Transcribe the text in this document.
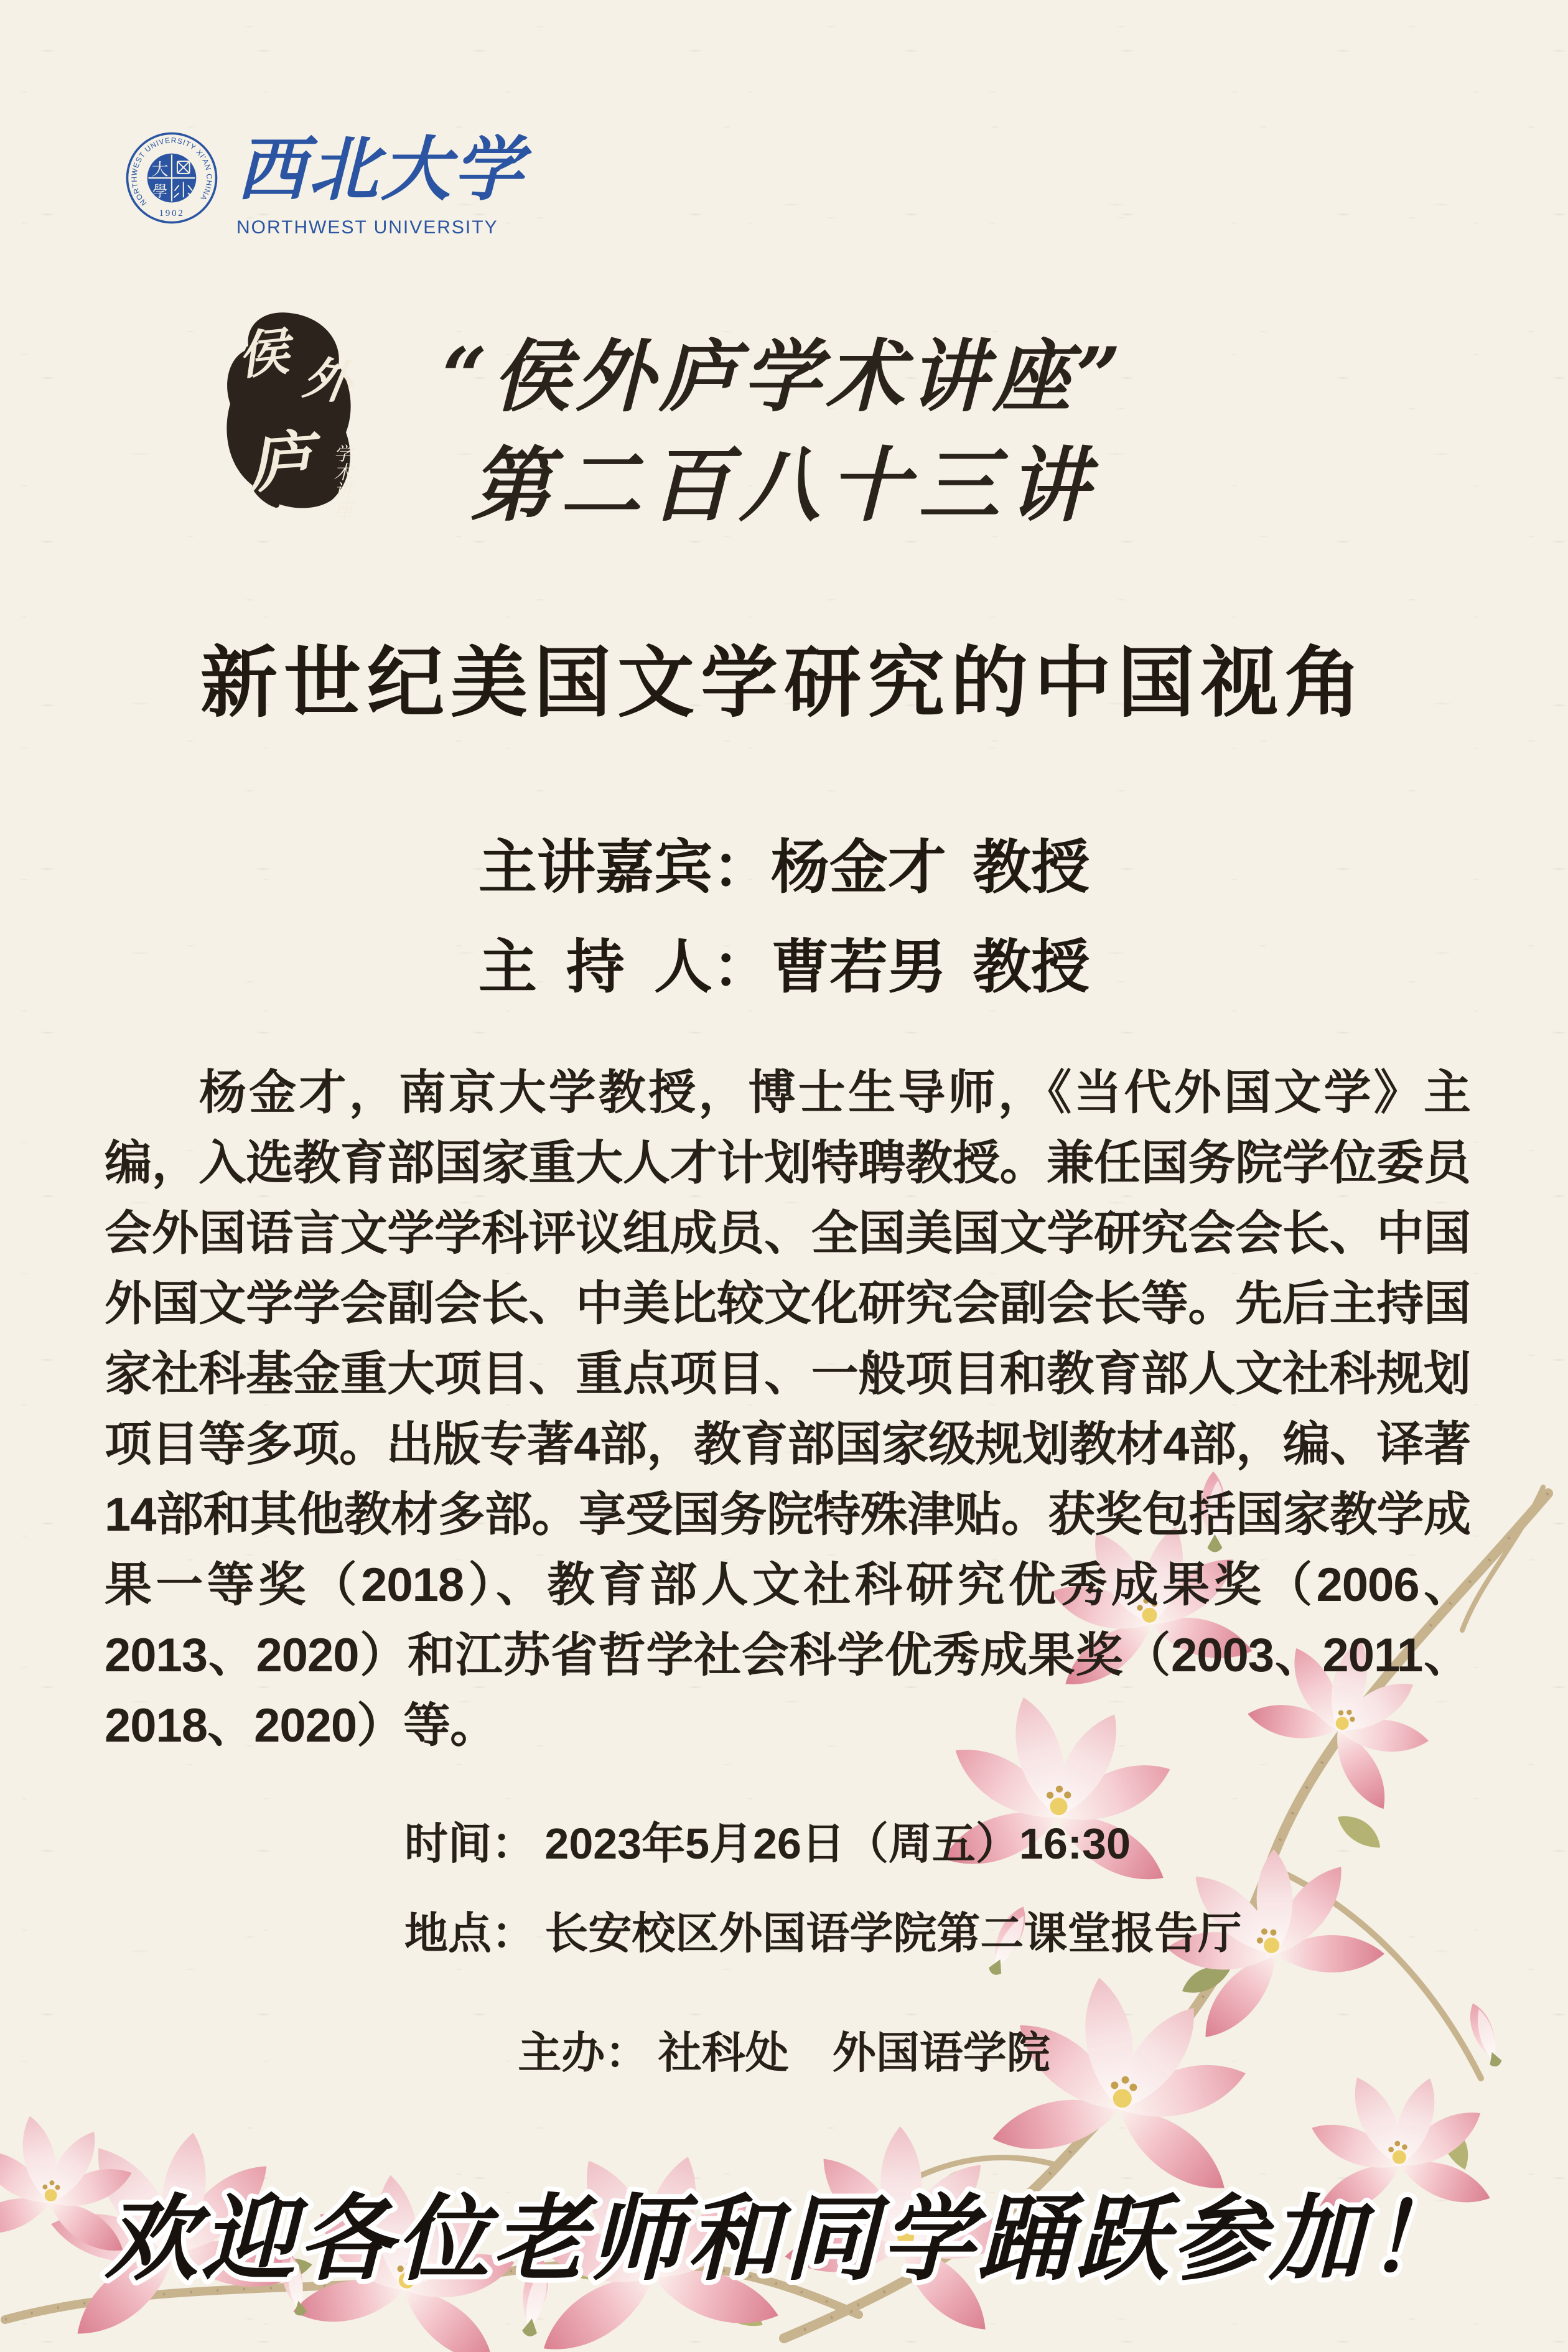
NORTHWEST UNIVERSITY XI'AN CHINA
1902
大
學 西北大学
NORTHWEST UNIVERSITY
侯 外
庐 学术讲座
“侯外庐学术讲座”
第二百八十三讲
新世纪美国文学研究的中国视角
主讲嘉宾：杨金才 教授
主持人：曹若男 教授

杨金才，南京大学教授，博士生导师，《当代外国文学》主编，入选教育部国家重大人才计划特聘教授。兼任国务院学位委员会外国语言文学学科评议组成员、全国美国文学研究会会长、中国外国文学学会副会长、中美比较文化研究会副会长等。先后主持国家社科基金重大项目、重点项目、一般项目和教育部人文社科规划项目等多项。出版专著4部，教育部国家级规划教材4部，编、译著14部和其他教材多部。享受国务院特殊津贴。获奖包括国家教学成果一等奖（2018）、教育部人文社科研究优秀成果奖（2006、2013、2020）和江苏省哲学社会科学优秀成果奖（2003、2011、2018、2020）等。

时间： 2023年5月26日（周五）16:30
地点： 长安校区外国语学院第二课堂报告厅
主办： 社科处　外国语学院
欢迎各位老师和同学踊跃参加！
